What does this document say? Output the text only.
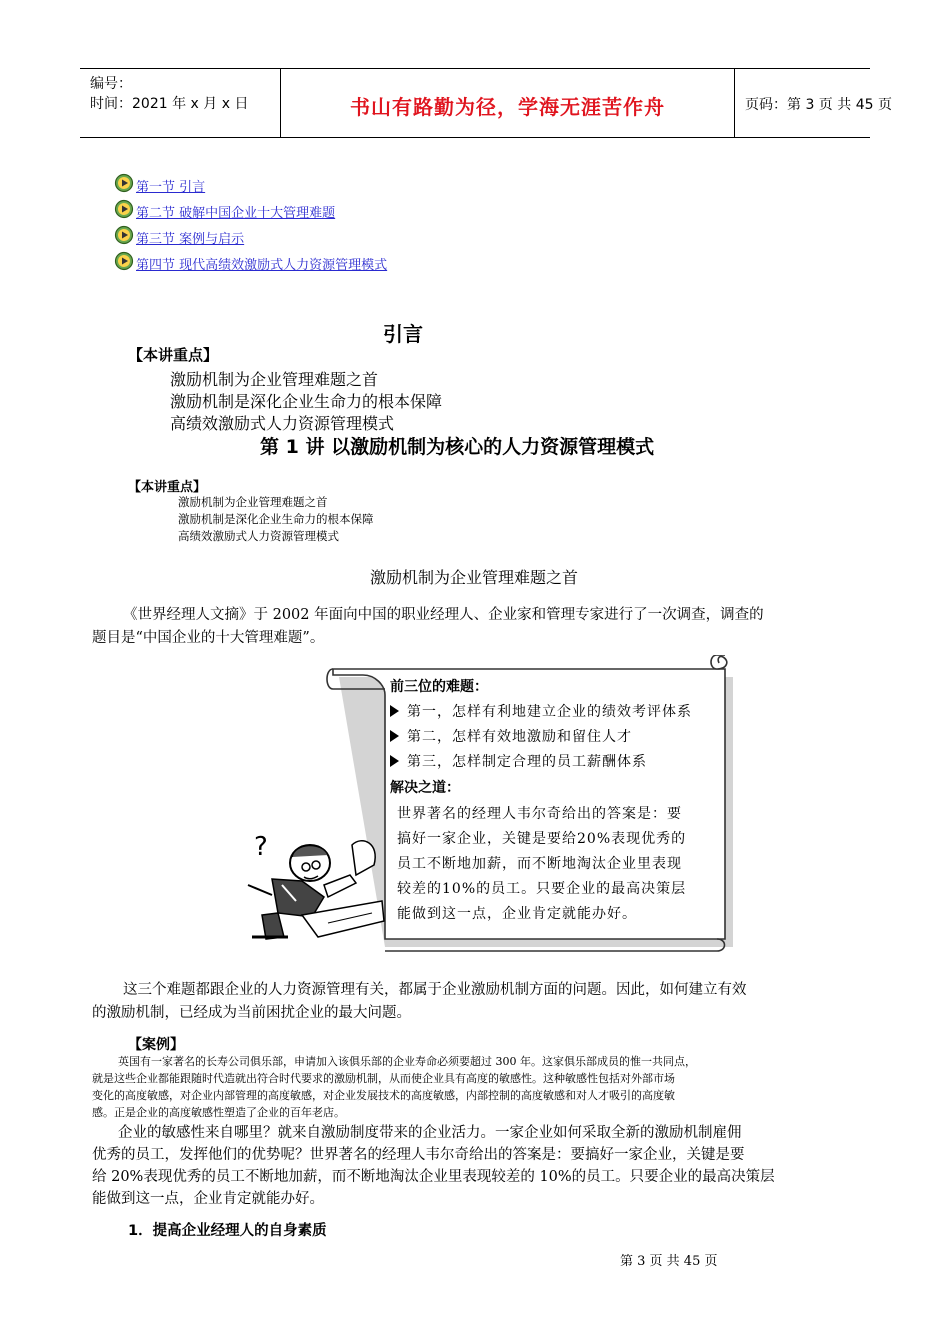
编号：
时间：2021 年 x 月 x 日	书山有路勤为径，学海无涯苦作舟	页码：第 3 页 共 45 页
第一节 引言
第二节 破解中国企业十大管理难题
第三节 案例与启示
第四节 现代高绩效激励式人力资源管理模式
引言
【本讲重点】
激励机制为企业管理难题之首
激励机制是深化企业生命力的根本保障
高绩效激励式人力资源管理模式
第 1 讲 以激励机制为核心的人力资源管理模式
【本讲重点】
激励机制为企业管理难题之首
激励机制是深化企业生命力的根本保障
高绩效激励式人力资源管理模式
激励机制为企业管理难题之首
《世界经理人文摘》于 2002 年面向中国的职业经理人、企业家和管理专家进行了一次调查，调查的
题目是“中国企业的十大管理难题”。
前三位的难题：
第一，怎样有利地建立企业的绩效考评体系
第二，怎样有效地激励和留住人才
第三，怎样制定合理的员工薪酬体系
解决之道：
世界著名的经理人韦尔奇给出的答案是：要
搞好一家企业，关键是要给20%表现优秀的
员工不断地加薪，而不断地淘汰企业里表现
较差的10%的员工。只要企业的最高决策层
能做到这一点，企业肯定就能办好。
?
这三个难题都跟企业的人力资源管理有关，都属于企业激励机制方面的问题。因此，如何建立有效
的激励机制，已经成为当前困扰企业的最大问题。
【案例】
英国有一家著名的长寿公司俱乐部，申请加入该俱乐部的企业寿命必须要超过 300 年。这家俱乐部成员的惟一共同点，
就是这些企业都能跟随时代造就出符合时代要求的激励机制，从而使企业具有高度的敏感性。这种敏感性包括对外部市场
变化的高度敏感，对企业内部管理的高度敏感，对企业发展技术的高度敏感，内部控制的高度敏感和对人才吸引的高度敏
感。正是企业的高度敏感性塑造了企业的百年老店。
企业的敏感性来自哪里？就来自激励制度带来的企业活力。一家企业如何采取全新的激励机制雇佣
优秀的员工，发挥他们的优势呢？世界著名的经理人韦尔奇给出的答案是：要搞好一家企业，关键是要
给 20%表现优秀的员工不断地加薪，而不断地淘汰企业里表现较差的 10%的员工。只要企业的最高决策层
能做到这一点，企业肯定就能办好。
1．提高企业经理人的自身素质
第 3 页 共 45 页
